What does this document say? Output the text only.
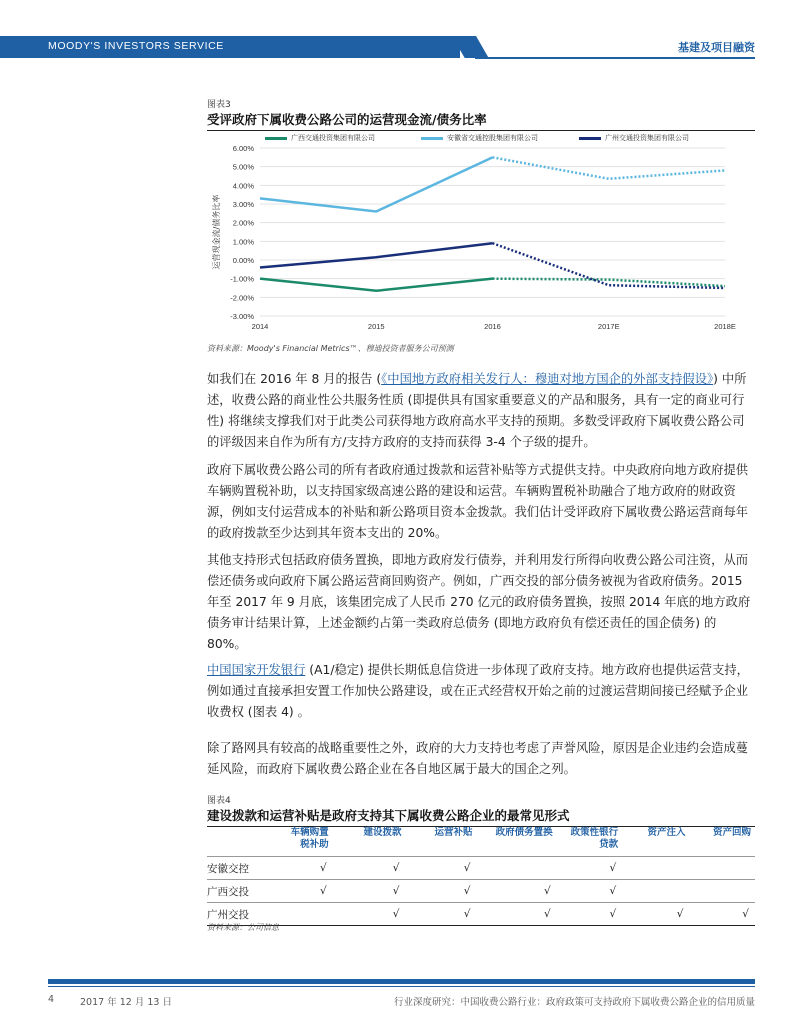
MOODY'S INVESTORS SERVICE	基建及项目融资
图表3
受评政府下属收费公路公司的运营现金流/债务比率
广西交通投资集团有限公司	安徽省交通控股集团有限公司	广州交通投资集团有限公司
6.00%
5.00%
4.00%
3.00%
2.00%
1.00%
0.00%
-1.00%
-2.00%
-3.00%
2014	2015	2016	2017E	2018E
运营现金流/债务比率
资料来源：Moody's Financial Metrics™、穆迪投资者服务公司预测
如我们在 2016 年 8 月的报告 (《中国地方政府相关发行人：穆迪对地方国企的外部支持假设》) 中所述，收费公路的商业性公共服务性质 (即提供具有国家重要意义的产品和服务，具有一定的商业可行性) 将继续支撑我们对于此类公司获得地方政府高水平支持的预期。多数受评政府下属收费公路公司的评级因来自作为所有方/支持方政府的支持而获得 3-4 个子级的提升。
政府下属收费公路公司的所有者政府通过拨款和运营补贴等方式提供支持。中央政府向地方政府提供车辆购置税补助，以支持国家级高速公路的建设和运营。车辆购置税补助融合了地方政府的财政资源，例如支付运营成本的补贴和新公路项目资本金拨款。我们估计受评政府下属收费公路运营商每年的政府拨款至少达到其年资本支出的 20%。
其他支持形式包括政府债务置换，即地方政府发行债券，并利用发行所得向收费公路公司注资，从而偿还债务或向政府下属公路运营商回购资产。例如，广西交投的部分债务被视为省政府债务。2015 年至 2017 年 9 月底，该集团完成了人民币 270 亿元的政府债务置换，按照 2014 年底的地方政府债务审计结果计算，上述金额约占第一类政府总债务 (即地方政府负有偿还责任的国企债务) 的 80%。
中国国家开发银行 (A1/稳定) 提供长期低息信贷进一步体现了政府支持。地方政府也提供运营支持，例如通过直接承担安置工作加快公路建设，或在正式经营权开始之前的过渡运营期间接已经赋予企业收费权 (图表 4) 。
除了路网具有较高的战略重要性之外，政府的大力支持也考虑了声誉风险，原因是企业违约会造成蔓延风险，而政府下属收费公路企业在各自地区属于最大的国企之列。
图表4
建设拨款和运营补贴是政府支持其下属收费公路企业的最常见形式
	车辆购置
税补助	建设拨款	运营补贴	政府债务置换	政策性银行
贷款	资产注入	资产回购
安徽交控	√	√	√		√		
广西交投	√	√	√	√	√		
广州交投		√	√	√	√	√	√
资料来源：公司信息
4	2017 年 12 月 13 日	行业深度研究：中国收费公路行业：政府政策可支持政府下属收费公路企业的信用质量
